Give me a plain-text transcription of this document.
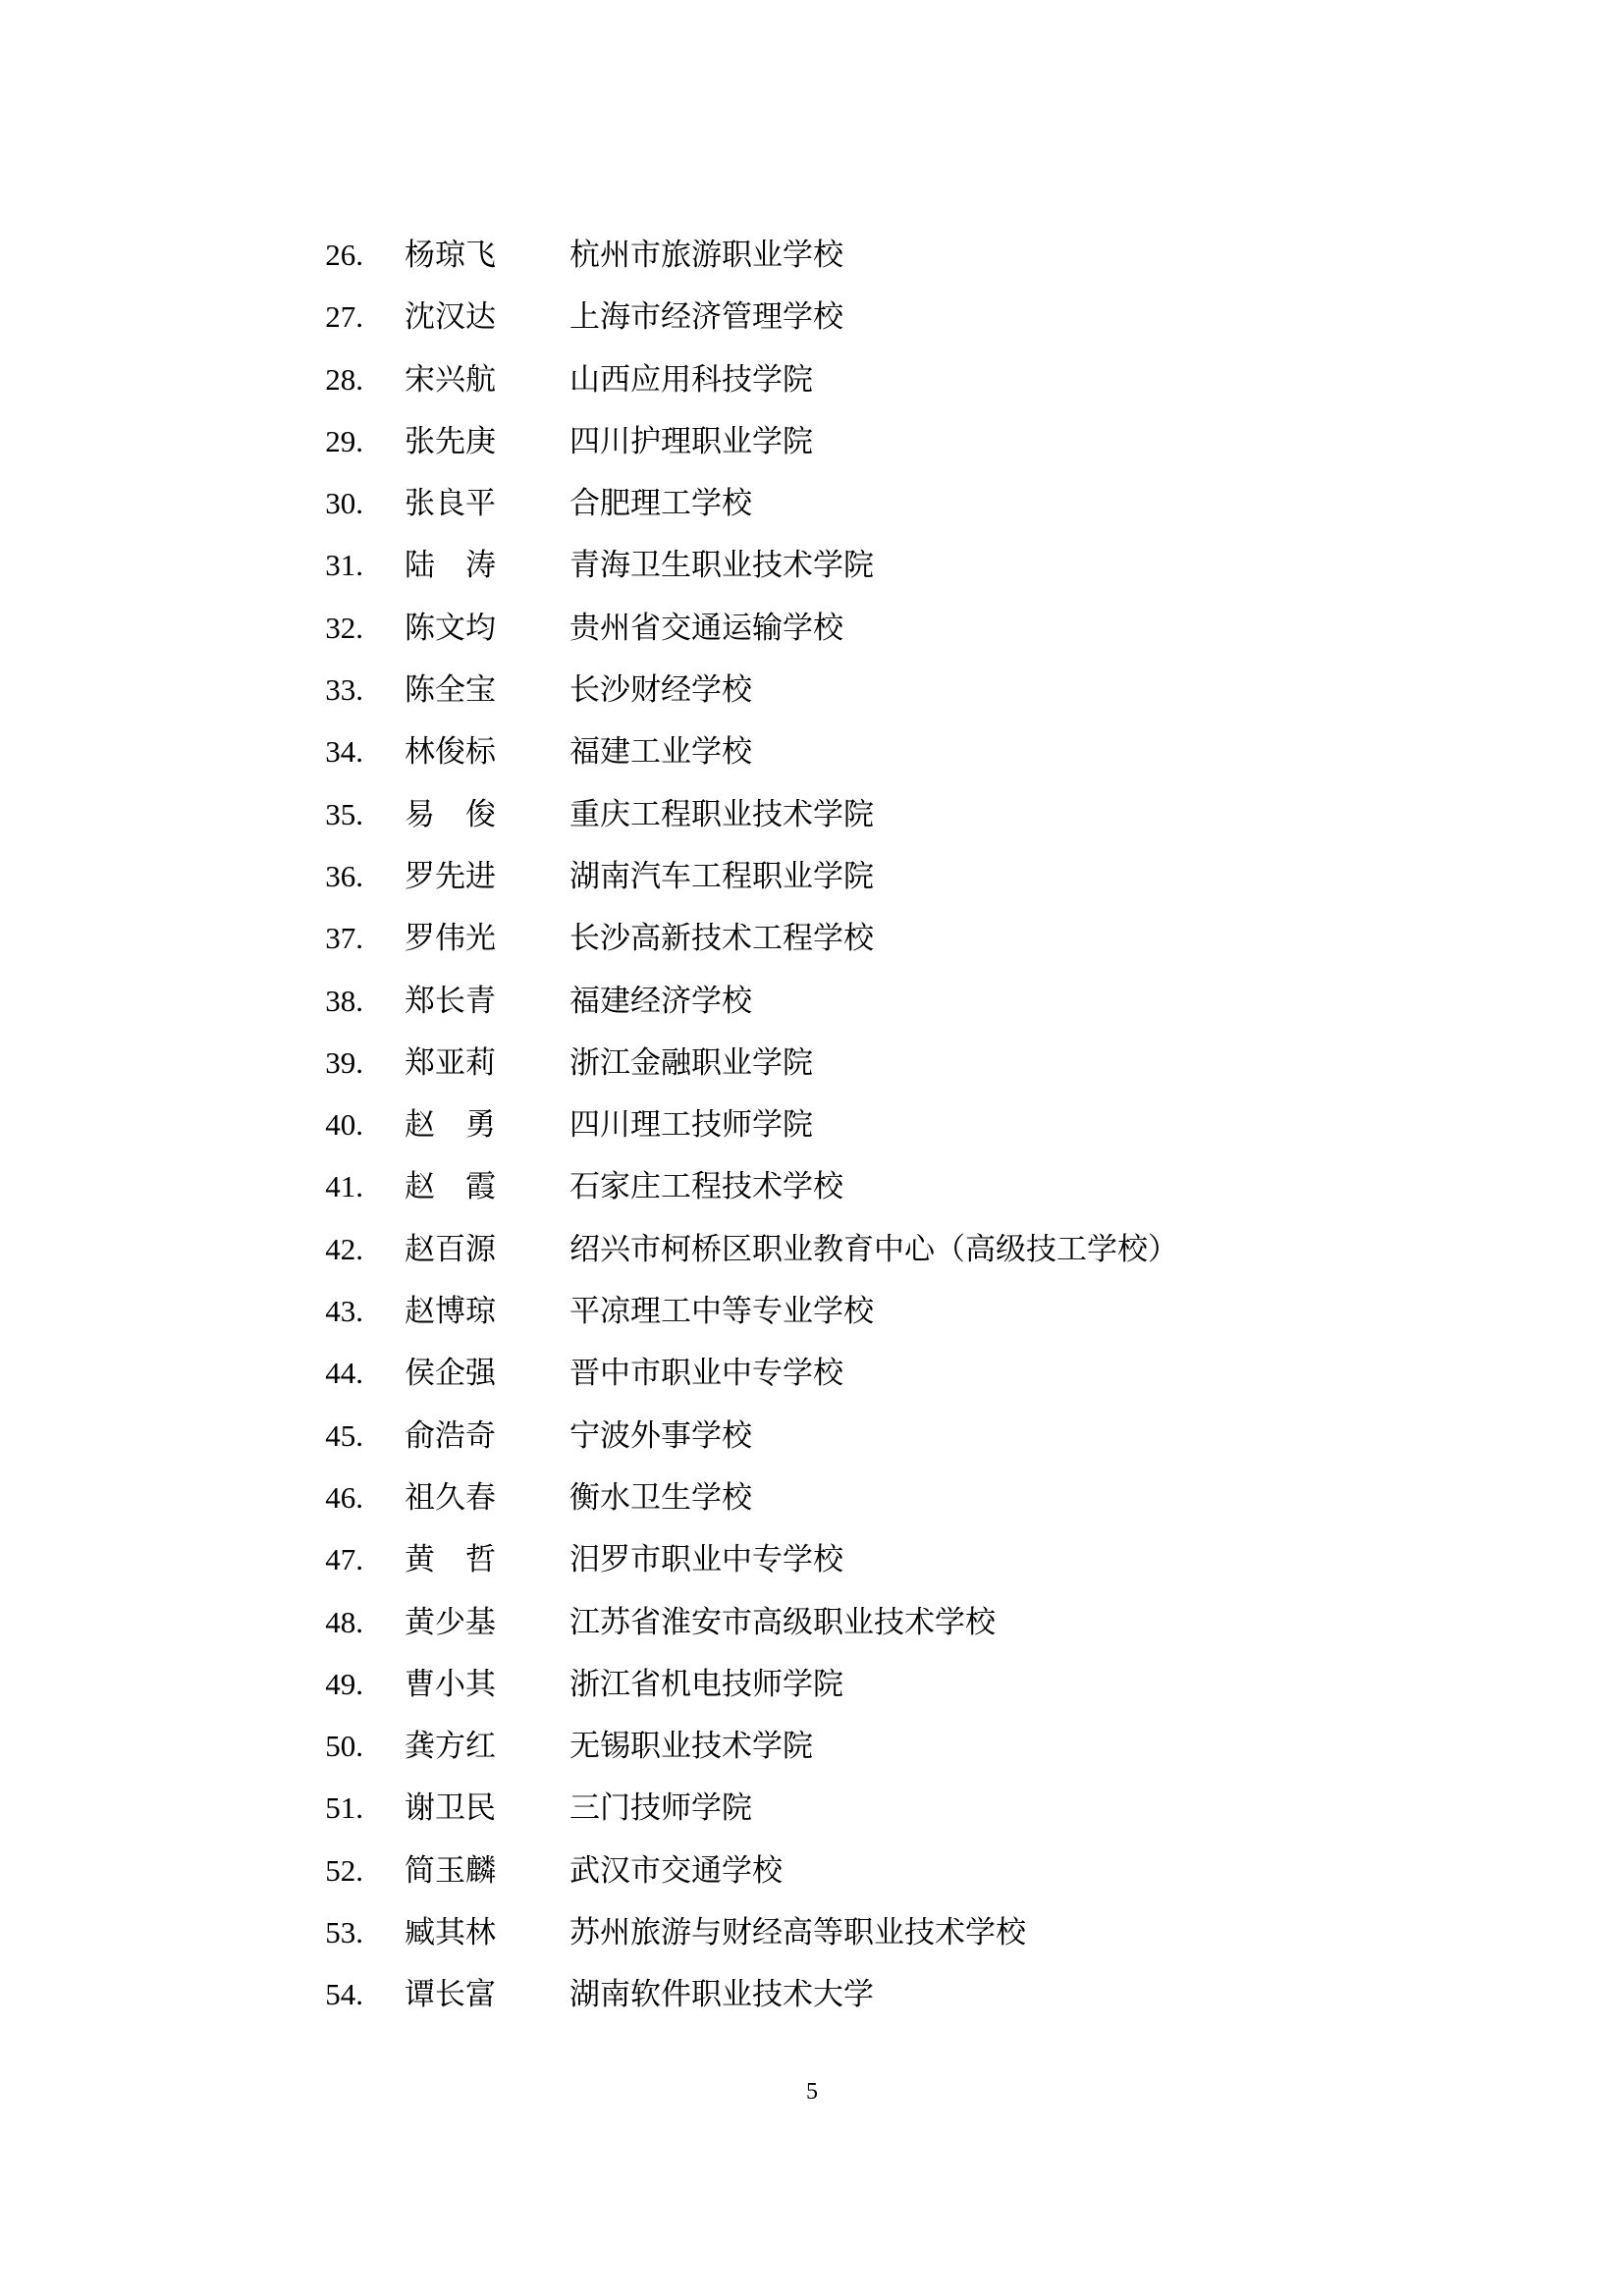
26. 杨琼飞	杭州市旅游职业学校
27. 沈汉达	上海市经济管理学校
28. 宋兴航	山西应用科技学院
29. 张先庚	四川护理职业学院
30. 张良平	合肥理工学校
31. 陆　涛	青海卫生职业技术学院
32. 陈文均	贵州省交通运输学校
33. 陈全宝	长沙财经学校
34. 林俊标	福建工业学校
35. 易　俊	重庆工程职业技术学院
36. 罗先进	湖南汽车工程职业学院
37. 罗伟光	长沙高新技术工程学校
38. 郑长青	福建经济学校
39. 郑亚莉	浙江金融职业学院
40. 赵　勇	四川理工技师学院
41. 赵　霞	石家庄工程技术学校
42. 赵百源	绍兴市柯桥区职业教育中心（高级技工学校）
43. 赵博琼	平凉理工中等专业学校
44. 侯企强	晋中市职业中专学校
45. 俞浩奇	宁波外事学校
46. 祖久春	衡水卫生学校
47. 黄　哲	汨罗市职业中专学校
48. 黄少基	江苏省淮安市高级职业技术学校
49. 曹小其	浙江省机电技师学院
50. 龚方红	无锡职业技术学院
51. 谢卫民	三门技师学院
52. 简玉麟	武汉市交通学校
53. 臧其林	苏州旅游与财经高等职业技术学校
54. 谭长富	湖南软件职业技术大学
5
